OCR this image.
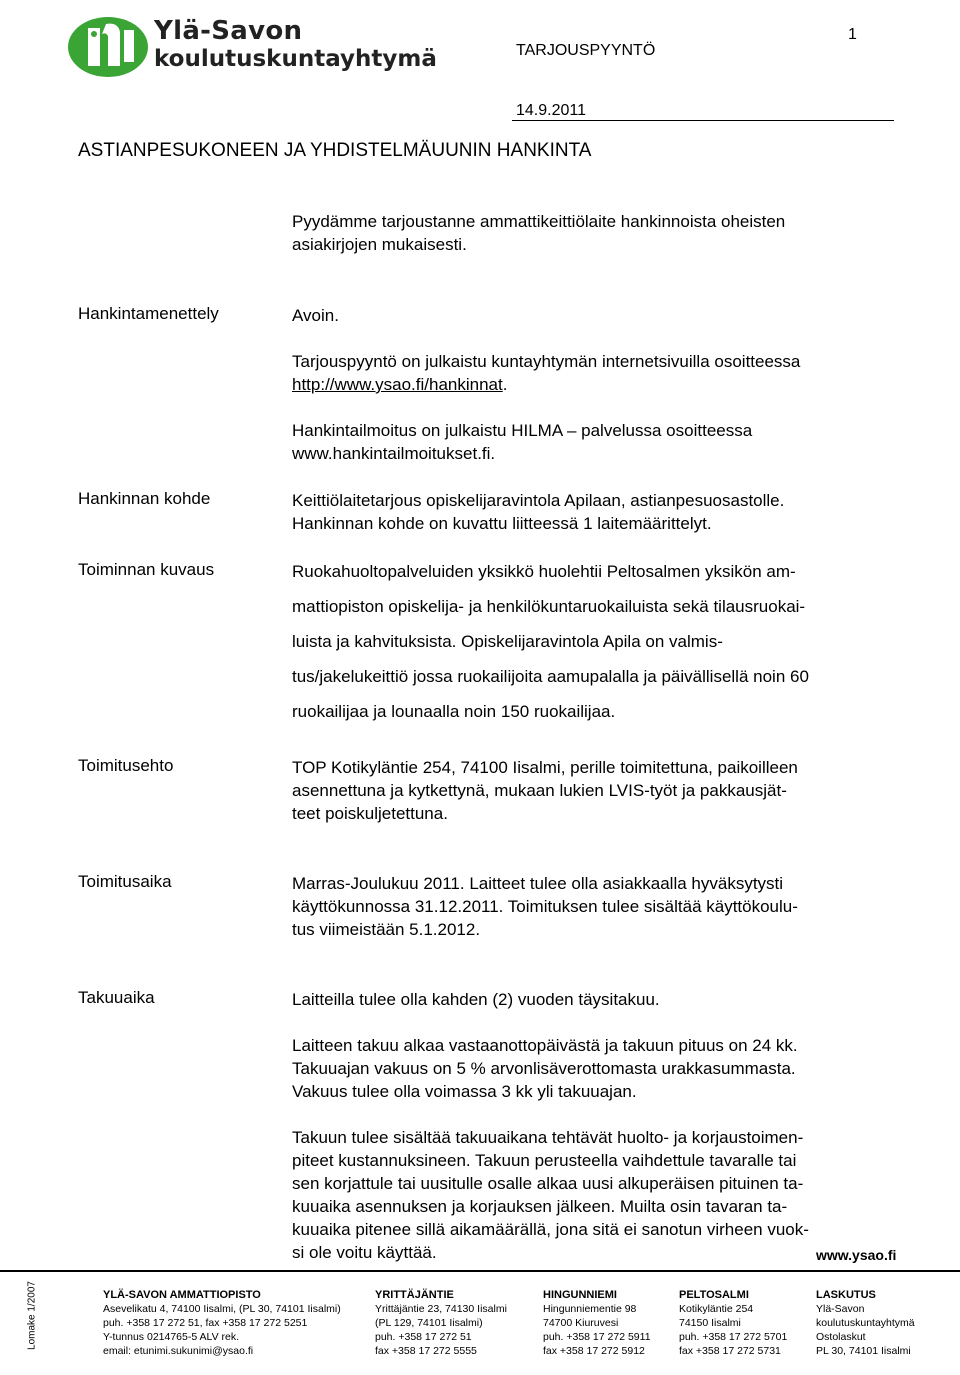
Ylä-Savon
koulutuskuntayhtymä
1
TARJOUSPYYNTÖ
14.9.2011
ASTIANPESUKONEEN JA YHDISTELMÄUUNIN HANKINTA
Pyydämme tarjoustanne ammattikeittiölaite hankinnoista oheisten
asiakirjojen mukaisesti.
Hankintamenettely	Avoin.
Tarjouspyyntö on julkaistu kuntayhtymän internetsivuilla osoitteessa
http://www.ysao.fi/hankinnat.
Hankintailmoitus on julkaistu HILMA – palvelussa osoitteessa
www.hankintailmoitukset.fi.
Hankinnan kohde	Keittiölaitetarjous opiskelijaravintola Apilaan, astianpesuosastolle.
Hankinnan kohde on kuvattu liitteessä 1 laitemäärittelyt.
Toiminnan kuvaus	Ruokahuoltopalveluiden yksikkö huolehtii Peltosalmen yksikön am-
mattiopiston opiskelija- ja henkilökuntaruokailuista sekä tilausruokai-
luista ja kahvituksista. Opiskelijaravintola Apila on valmis-
tus/jakelukeittiö jossa ruokailijoita aamupalalla ja päivällisellä noin 60
ruokailijaa ja lounaalla noin 150 ruokailijaa.
Toimitusehto	TOP Kotikyläntie 254, 74100 Iisalmi, perille toimitettuna, paikoilleen
asennettuna ja kytkettynä, mukaan lukien LVIS-työt ja pakkausjät-
teet poiskuljetettuna.
Toimitusaika	Marras-Joulukuu 2011. Laitteet tulee olla asiakkaalla hyväksytysti
käyttökunnossa 31.12.2011. Toimituksen tulee sisältää käyttökoulu-
tus viimeistään 5.1.2012.
Takuuaika	Laitteilla tulee olla kahden (2) vuoden täysitakuu.
Laitteen takuu alkaa vastaanottopäivästä ja takuun pituus on 24 kk.
Takuuajan vakuus on 5 % arvonlisäverottomasta urakkasummasta.
Vakuus tulee olla voimassa 3 kk yli takuuajan.
Takuun tulee sisältää takuuaikana tehtävät huolto- ja korjaustoimen-
piteet kustannuksineen. Takuun perusteella vaihdettule tavaralle tai
sen korjattule tai uusitulle osalle alkaa uusi alkuperäisen pituinen ta-
kuuaika asennuksen ja korjauksen jälkeen. Muilta osin tavaran ta-
kuuaika pitenee sillä aikamäärällä, jona sitä ei sanotun virheen vuok-
si ole voitu käyttää.	www.ysao.fi
Lomake 1/2007	YLÄ-SAVON AMMATTIOPISTO
Asevelikatu 4, 74100 Iisalmi, (PL 30, 74101 Iisalmi)
puh. +358 17 272 51, fax +358 17 272 5251
Y-tunnus 0214765-5 ALV rek.
email: etunimi.sukunimi@ysao.fi
YRITTÄJÄNTIE
Yrittäjäntie 23, 74130 Iisalmi
(PL 129, 74101 Iisalmi)
puh. +358 17 272 51
fax +358 17 272 5555
HINGUNNIEMI
Hingunniementie 98
74700 Kiuruvesi
puh. +358 17 272 5911
fax +358 17 272 5912
PELTOSALMI
Kotikyläntie 254
74150 Iisalmi
puh. +358 17 272 5701
fax +358 17 272 5731
LASKUTUS
Ylä-Savon
koulutuskuntayhtymä
Ostolaskut
PL 30, 74101 Iisalmi
